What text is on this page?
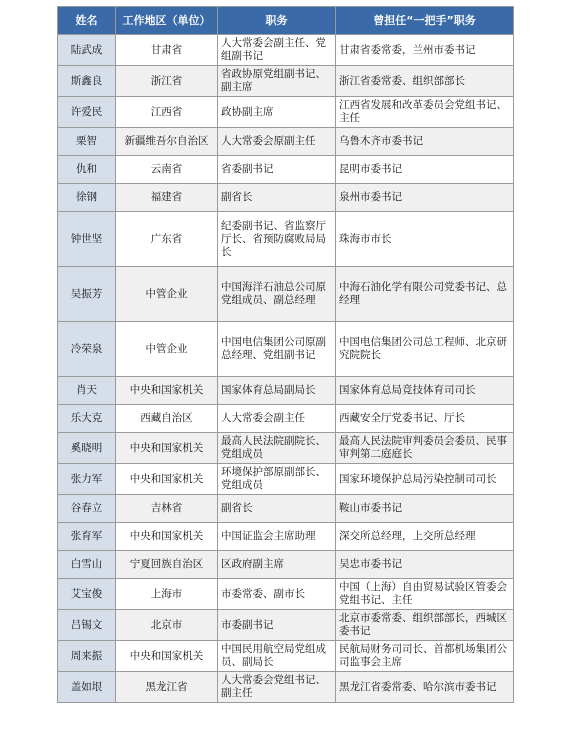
姓名	工作地区（单位）	职务	曾担任“一把手”职务
陆武成	甘肃省	人大常委会副主任、党组副书记	甘肃省委常委，兰州市委书记
斯鑫良	浙江省	省政协原党组副书记、副主席	浙江省委常委、组织部部长
许爱民	江西省	政协副主席	江西省发展和改革委员会党组书记、主任
栗智	新疆维吾尔自治区	人大常委会原副主任	乌鲁木齐市委书记
仇和	云南省	省委副书记	昆明市委书记
徐钢	福建省	副省长	泉州市委书记
钟世坚	广东省	纪委副书记、省监察厅厅长、省预防腐败局局长	珠海市市长
吴振芳	中管企业	中国海洋石油总公司原党组成员、副总经理	中海石油化学有限公司党委书记、总经理
冷荣泉	中管企业	中国电信集团公司原副总经理、党组副书记	中国电信集团公司总工程师、北京研究院院长
肖天	中央和国家机关	国家体育总局副局长	国家体育总局竞技体育司司长
乐大克	西藏自治区	人大常委会副主任	西藏安全厅党委书记、厅长
奚晓明	中央和国家机关	最高人民法院副院长、党组成员	最高人民法院审判委员会委员、民事审判第二庭庭长
张力军	中央和国家机关	环境保护部原副部长、党组成员	国家环境保护总局污染控制司司长
谷春立	吉林省	副省长	鞍山市委书记
张育军	中央和国家机关	中国证监会主席助理	深交所总经理，上交所总经理
白雪山	宁夏回族自治区	区政府副主席	吴忠市委书记
艾宝俊	上海市	市委常委、副市长	中国（上海）自由贸易试验区管委会党组书记、主任
吕锡文	北京市	市委副书记	北京市委常委、组织部部长，西城区委书记
周来振	中央和国家机关	中国民用航空局党组成员、副局长	民航局财务司司长、首都机场集团公司监事会主席
盖如垠	黑龙江省	人大常委会党组书记、副主任	黑龙江省委常委、哈尔滨市委书记
